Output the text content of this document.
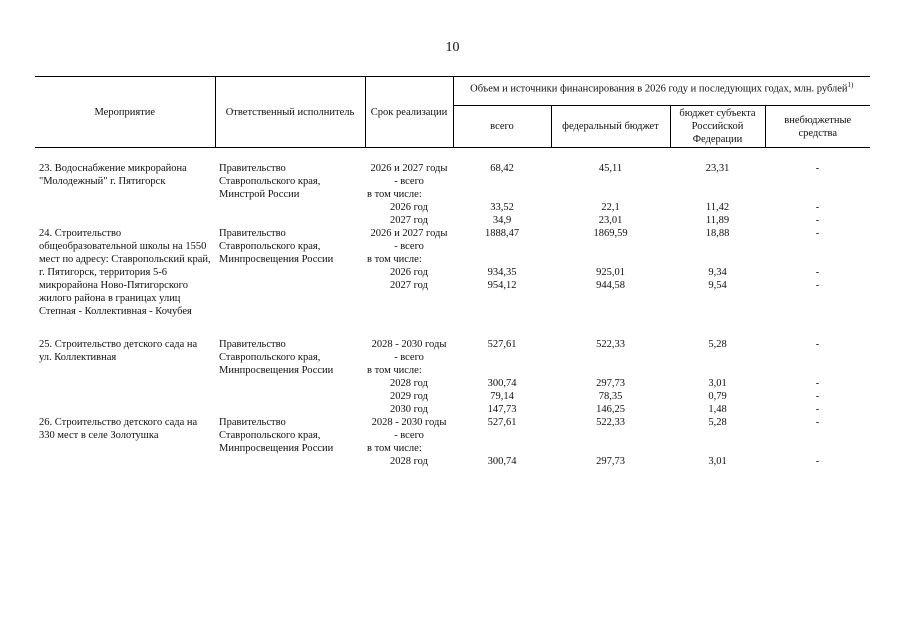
10
Мероприятие	Ответственный исполнитель	Срок реализации	Объем и источники финансирования в 2026 году и последующих годах, млн. рублей$^{1)}$
			всего	федеральный бюджет	бюджет субъекта Российской Федерации	внебюджетные средства

23. Водоснабжение микрорайона "Молодежный" г. Пятигорск	Правительство Ставропольского края, Минстрой России	2026 и 2027 годы - всего	68,42	45,11	23,31	-
		в том числе:				
		2026 год	33,52	22,1	11,42	-
		2027 год	34,9	23,01	11,89	-
24. Строительство общеобразовательной школы на 1550 мест по адресу: Ставропольский край, г. Пятигорск, территория 5-6 микрорайона Ново-Пятигорского жилого района в границах улиц Степная - Коллективная - Кочубея	Правительство Ставропольского края, Минпросвещения России	2026 и 2027 годы - всего	1888,47	1869,59	18,88	-
		в том числе:				
		2026 год	934,35	925,01	9,34	-
		2027 год	954,12	944,58	9,54	-

25. Строительство детского сада на ул. Коллективная	Правительство Ставропольского края, Минпросвещения России	2028 - 2030 годы - всего	527,61	522,33	5,28	-
		в том числе:				
		2028 год	300,74	297,73	3,01	-
		2029 год	79,14	78,35	0,79	-
		2030 год	147,73	146,25	1,48	-
26. Строительство детского сада на 330 мест в селе Золотушка	Правительство Ставропольского края, Минпросвещения России	2028 - 2030 годы - всего	527,61	522,33	5,28	-
		в том числе:				
		2028 год	300,74	297,73	3,01	-
